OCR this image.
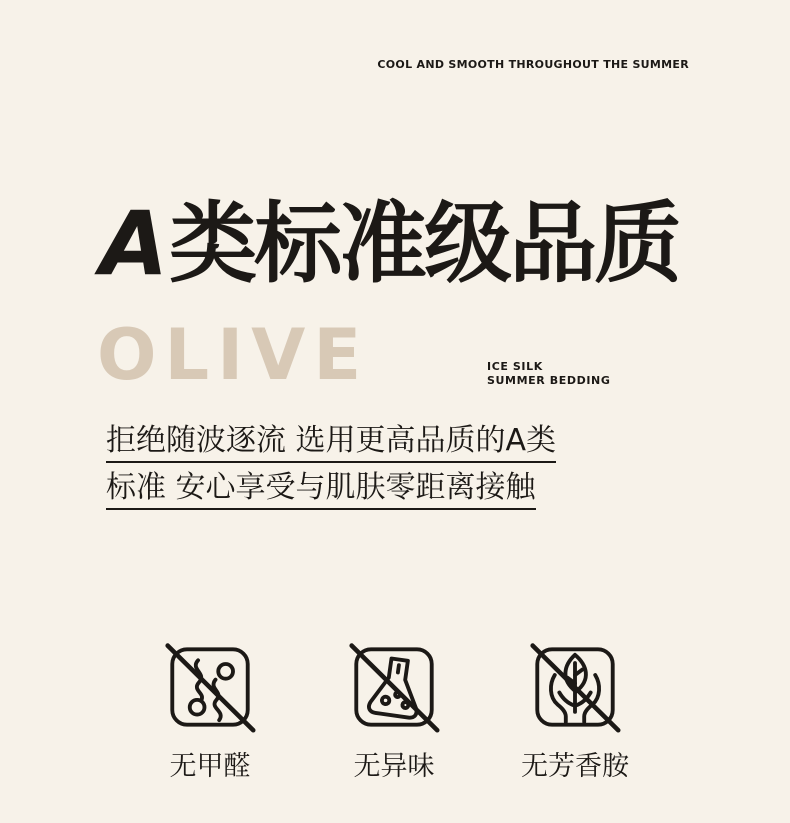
COOL AND SMOOTH THROUGHOUT THE SUMMER
A类标准级品质
OLIVE	ICE SILK
SUMMER BEDDING
拒绝随波逐流 选用更高品质的A类
标准 安心享受与肌肤零距离接触
无甲醛	无异味	无芳香胺
